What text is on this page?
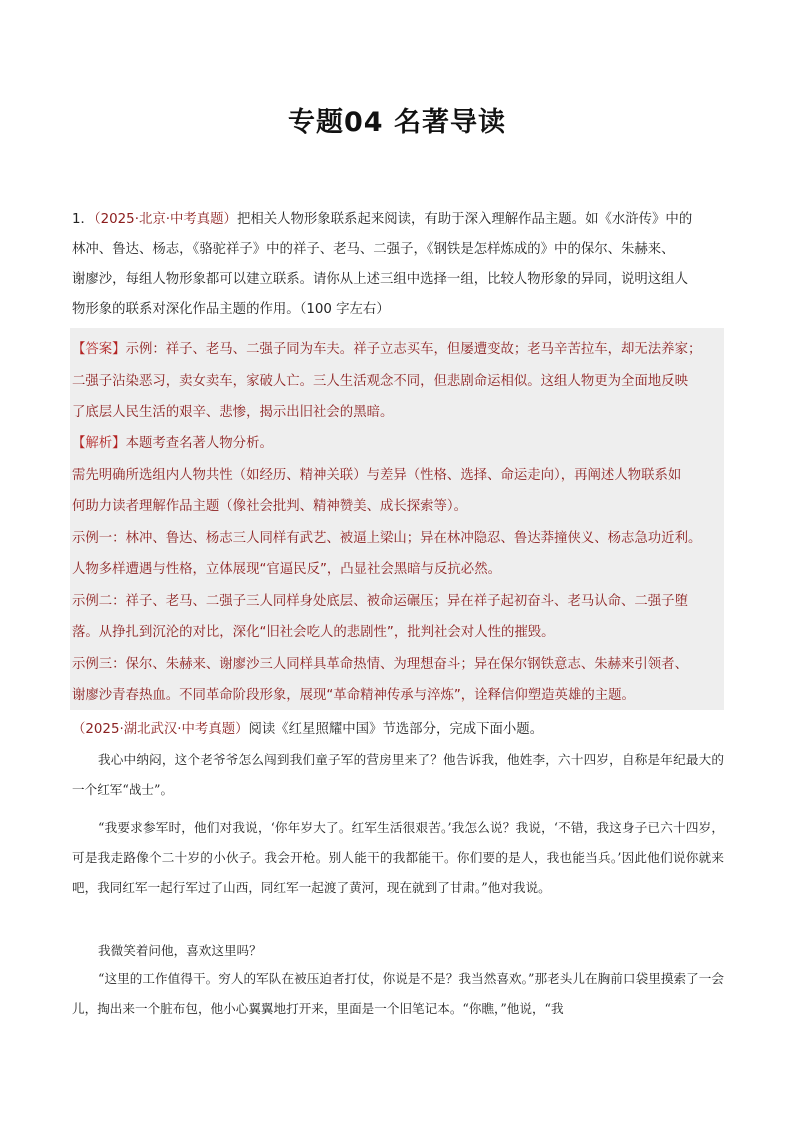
专题04 名著导读
1．（2025·北京·中考真题）把相关人物形象联系起来阅读，有助于深入理解作品主题。如《水浒传》中的
林冲、鲁达、杨志，《骆驼祥子》中的祥子、老马、二强子，《钢铁是怎样炼成的》中的保尔、朱赫来、
谢廖沙，每组人物形象都可以建立联系。请你从上述三组中选择一组，比较人物形象的异同，说明这组人
物形象的联系对深化作品主题的作用。（100 字左右）
【答案】示例：祥子、老马、二强子同为车夫。祥子立志买车，但屡遭变故；老马辛苦拉车，却无法养家；
二强子沾染恶习，卖女卖车，家破人亡。三人生活观念不同，但悲剧命运相似。这组人物更为全面地反映
了底层人民生活的艰辛、悲惨，揭示出旧社会的黑暗。
【解析】本题考查名著人物分析。
需先明确所选组内人物共性（如经历、精神关联）与差异（性格、选择、命运走向），再阐述人物联系如
何助力读者理解作品主题（像社会批判、精神赞美、成长探索等）。
示例一：林冲、鲁达、杨志三人同样有武艺、被逼上梁山；异在林冲隐忍、鲁达莽撞侠义、杨志急功近利。
人物多样遭遇与性格，立体展现“官逼民反”，凸显社会黑暗与反抗必然。
示例二：祥子、老马、二强子三人同样身处底层、被命运碾压；异在祥子起初奋斗、老马认命、二强子堕
落。从挣扎到沉沦的对比，深化“旧社会吃人的悲剧性”，批判社会对人性的摧毁。
示例三：保尔、朱赫来、谢廖沙三人同样具革命热情、为理想奋斗；异在保尔钢铁意志、朱赫来引领者、
谢廖沙青春热血。不同革命阶段形象，展现“革命精神传承与淬炼”，诠释信仰塑造英雄的主题。
（2025·湖北武汉·中考真题）阅读《红星照耀中国》节选部分，完成下面小题。
我心中纳闷，这个老爷爷怎么闯到我们童子军的营房里来了？他告诉我，他姓李，六十四岁，自称是年纪最大的一个红军“战士”。
“我要求参军时，他们对我说，‘你年岁大了。红军生活很艰苦。’我怎么说？我说，‘不错，我这身子已六十四岁，可是我走路像个二十岁的小伙子。我会开枪。别人能干的我都能干。你们要的是人，我也能当兵。’因此他们说你就来吧，我同红军一起行军过了山西，同红军一起渡了黄河，现在就到了甘肃。”他对我说。
我微笑着问他，喜欢这里吗？
“这里的工作值得干。穷人的军队在被压迫者打仗，你说是不是？我当然喜欢。”那老头儿在胸前口袋里摸索了一会儿，掏出来一个脏布包，他小心翼翼地打开来，里面是一个旧笔记本。“你瞧，”他说，“我
